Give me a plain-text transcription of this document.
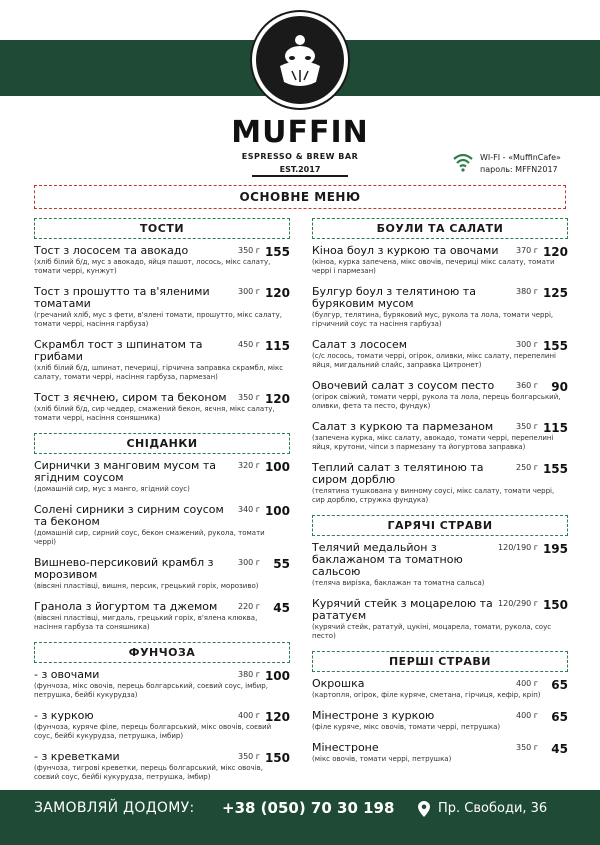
MUFFIN
ESPRESSO & BREW BAR
EST.2017
WI-FI - «MuffinCafe»
пароль: MFFN2017
ОСНОВНЕ МЕНЮ
ТОСТИ
Тост з лососем та авокадо	350 г 155
(хліб білий б/д, мус з авокадо, яйця пашот, лосось, мікс салату, томати черрі, кунжут)
Тост з прошутто та в'яленими томатами
300 г 120
(гречаний хліб, мус з фети, в'ялені томати, прошутто, мікс салату, томати черрі, насіння гарбуза)
Скрамбл тост з шпинатом та грибами
450 г 115
(хліб білий б/д, шпинат, печериці, гірчична заправка скрамбл, мікс салату, томати черрі, насіння гарбуза, пармезан)
Тост з яєчнею, сиром та беконом	350 г 120
(хліб білий б/д, сир чеддер, смажений бекон, яєчня, мікс салату, томати черрі, насіння соняшника)
СНІДАНКИ
Сирнички з манговим мусом та ягідним соусом
320 г 100
(домашній сир, мус з манго, ягідний соус)
Солені сирники з сирним соусом та беконом
340 г 100
(домашній сир, сирний соус, бекон смажений, рукола, томати черрі)
Вишнево-персиковий крамбл з морозивом
300 г 55
(вівсяні пластівці, вишня, персик, грецький горіх, морозиво)
Гранола з йогуртом та джемом	220 г 45
(вівсяні пластівці, мигдаль, грецький горіх, в'ялена клюква, насіння гарбуза та соняшника)
ФУНЧОЗА
- з овочами	380 г 100
(фунчоза, мікс овочів, перець болгарський, соєвий соус, імбир, петрушка, бейбі кукурудза)
- з куркою	400 г 120
(фунчоза, куряче філе, перець болгарський, мікс овочів, соєвий соус, бейбі кукурудза, петрушка, імбир)
- з креветками	350 г 150
(фунчоза, тигрові креветки, перець болгарський, мікс овочів, соєвий соус, бейбі кукурудза, петрушка, імбир)
БОУЛИ ТА САЛАТИ
Кіноа боул з куркою та овочами	370 г 120
(кіноа, курка запечена, мікс овочів, печериці мікс салату, томати черрі і пармезан)
Булгур боул з телятиною та буряковим мусом
380 г 125
(булгур, телятина, буряковий мус, рукола та лола, томати черрі, гірчичний соус та насіння гарбуза)
Салат з лососем	300 г 155
(с/с лосось, томати черрі, огірок, оливки, мікс салату, перепелині яйця, мигдальний слайс, заправка Цитронет)
Овочевий салат з соусом песто	360 г 90
(огірок свіжий, томати черрі, рукола та лола, перець болгарський, оливки, фета та песто, фундук)
Салат з куркою та пармезаном	350 г 115
(запечена курка, мікс салату, авокадо, томати черрі, перепелині яйця, крутони, чіпси з пармезану та йогуртова заправка)
Теплий салат з телятиною та сиром дорблю
250 г 155
(телятина тушкована у винному соусі, мікс салату, томати черрі, сир дорблю, стружка фундука)
ГАРЯЧІ СТРАВИ
Телячий медальйон з баклажаном та томатною сальсою
120/190 г 195
(теляча вирізка, баклажан та томатна сальса)
Курячий стейк з моцарелою та рататуєм
120/290 г 150
(курячий стейк, рататуй, цукіні, моцарела, томати, рукола, соус песто)
ПЕРШІ СТРАВИ
Окрошка	400 г 65
(картопля, огірок, філе куряче, сметана, гірчиця, кефір, кріп)
Мінестроне з куркою	400 г 65
(філе куряче, мікс овочів, томати черрі, петрушка)
Мінестроне	350 г 45
(мікс овочів, томати черрі, петрушка)
ЗАМОВЛЯЙ ДОДОМУ: +38 (050) 70 30 198	Пр. Свободи, 36
